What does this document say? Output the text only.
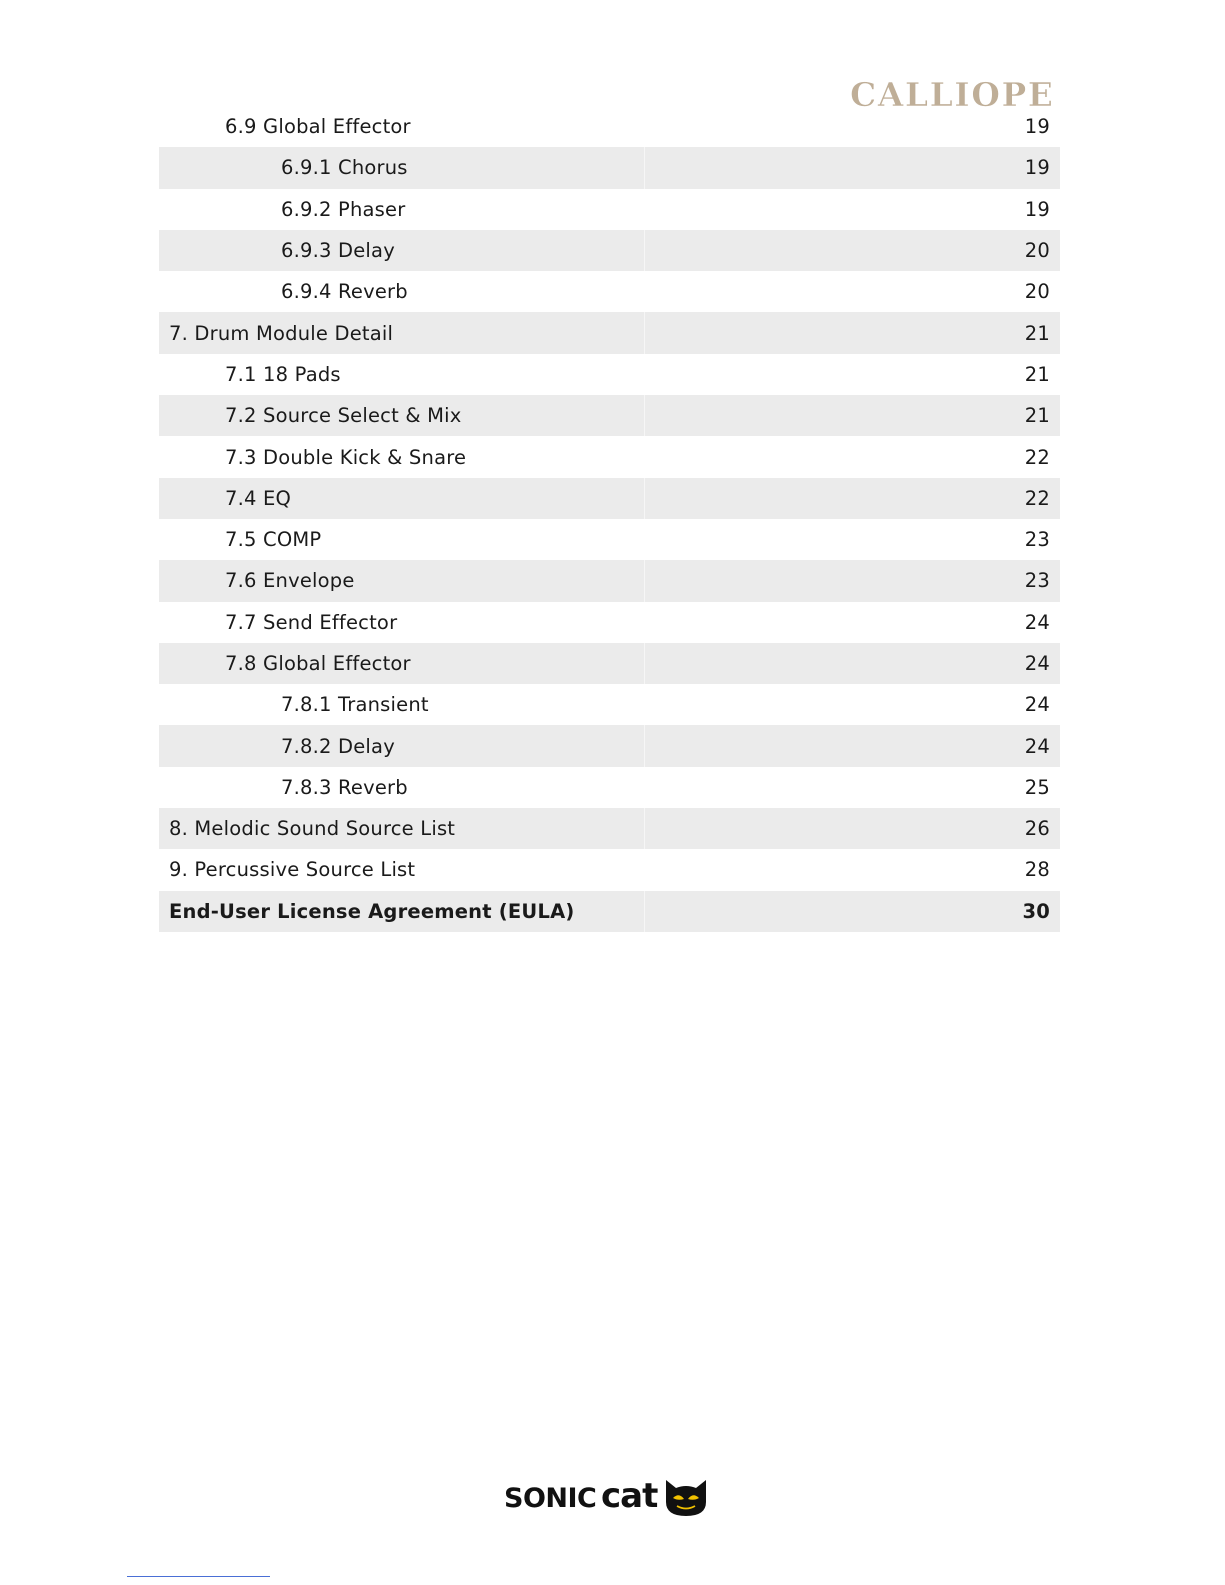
CALLIOPE
6.9 Global Effector	19
6.9.1 Chorus	19
6.9.2 Phaser	19
6.9.3 Delay	20
6.9.4 Reverb	20
7. Drum Module Detail	21
7.1 18 Pads	21
7.2 Source Select & Mix	21
7.3 Double Kick & Snare	22
7.4 EQ	22
7.5 COMP	23
7.6 Envelope	23
7.7 Send Effector	24
7.8 Global Effector	24
7.8.1 Transient	24
7.8.2 Delay	24
7.8.3 Reverb	25
8. Melodic Sound Source List	26
9. Percussive Source List	28
End-User License Agreement (EULA)	30
SONIC cat
